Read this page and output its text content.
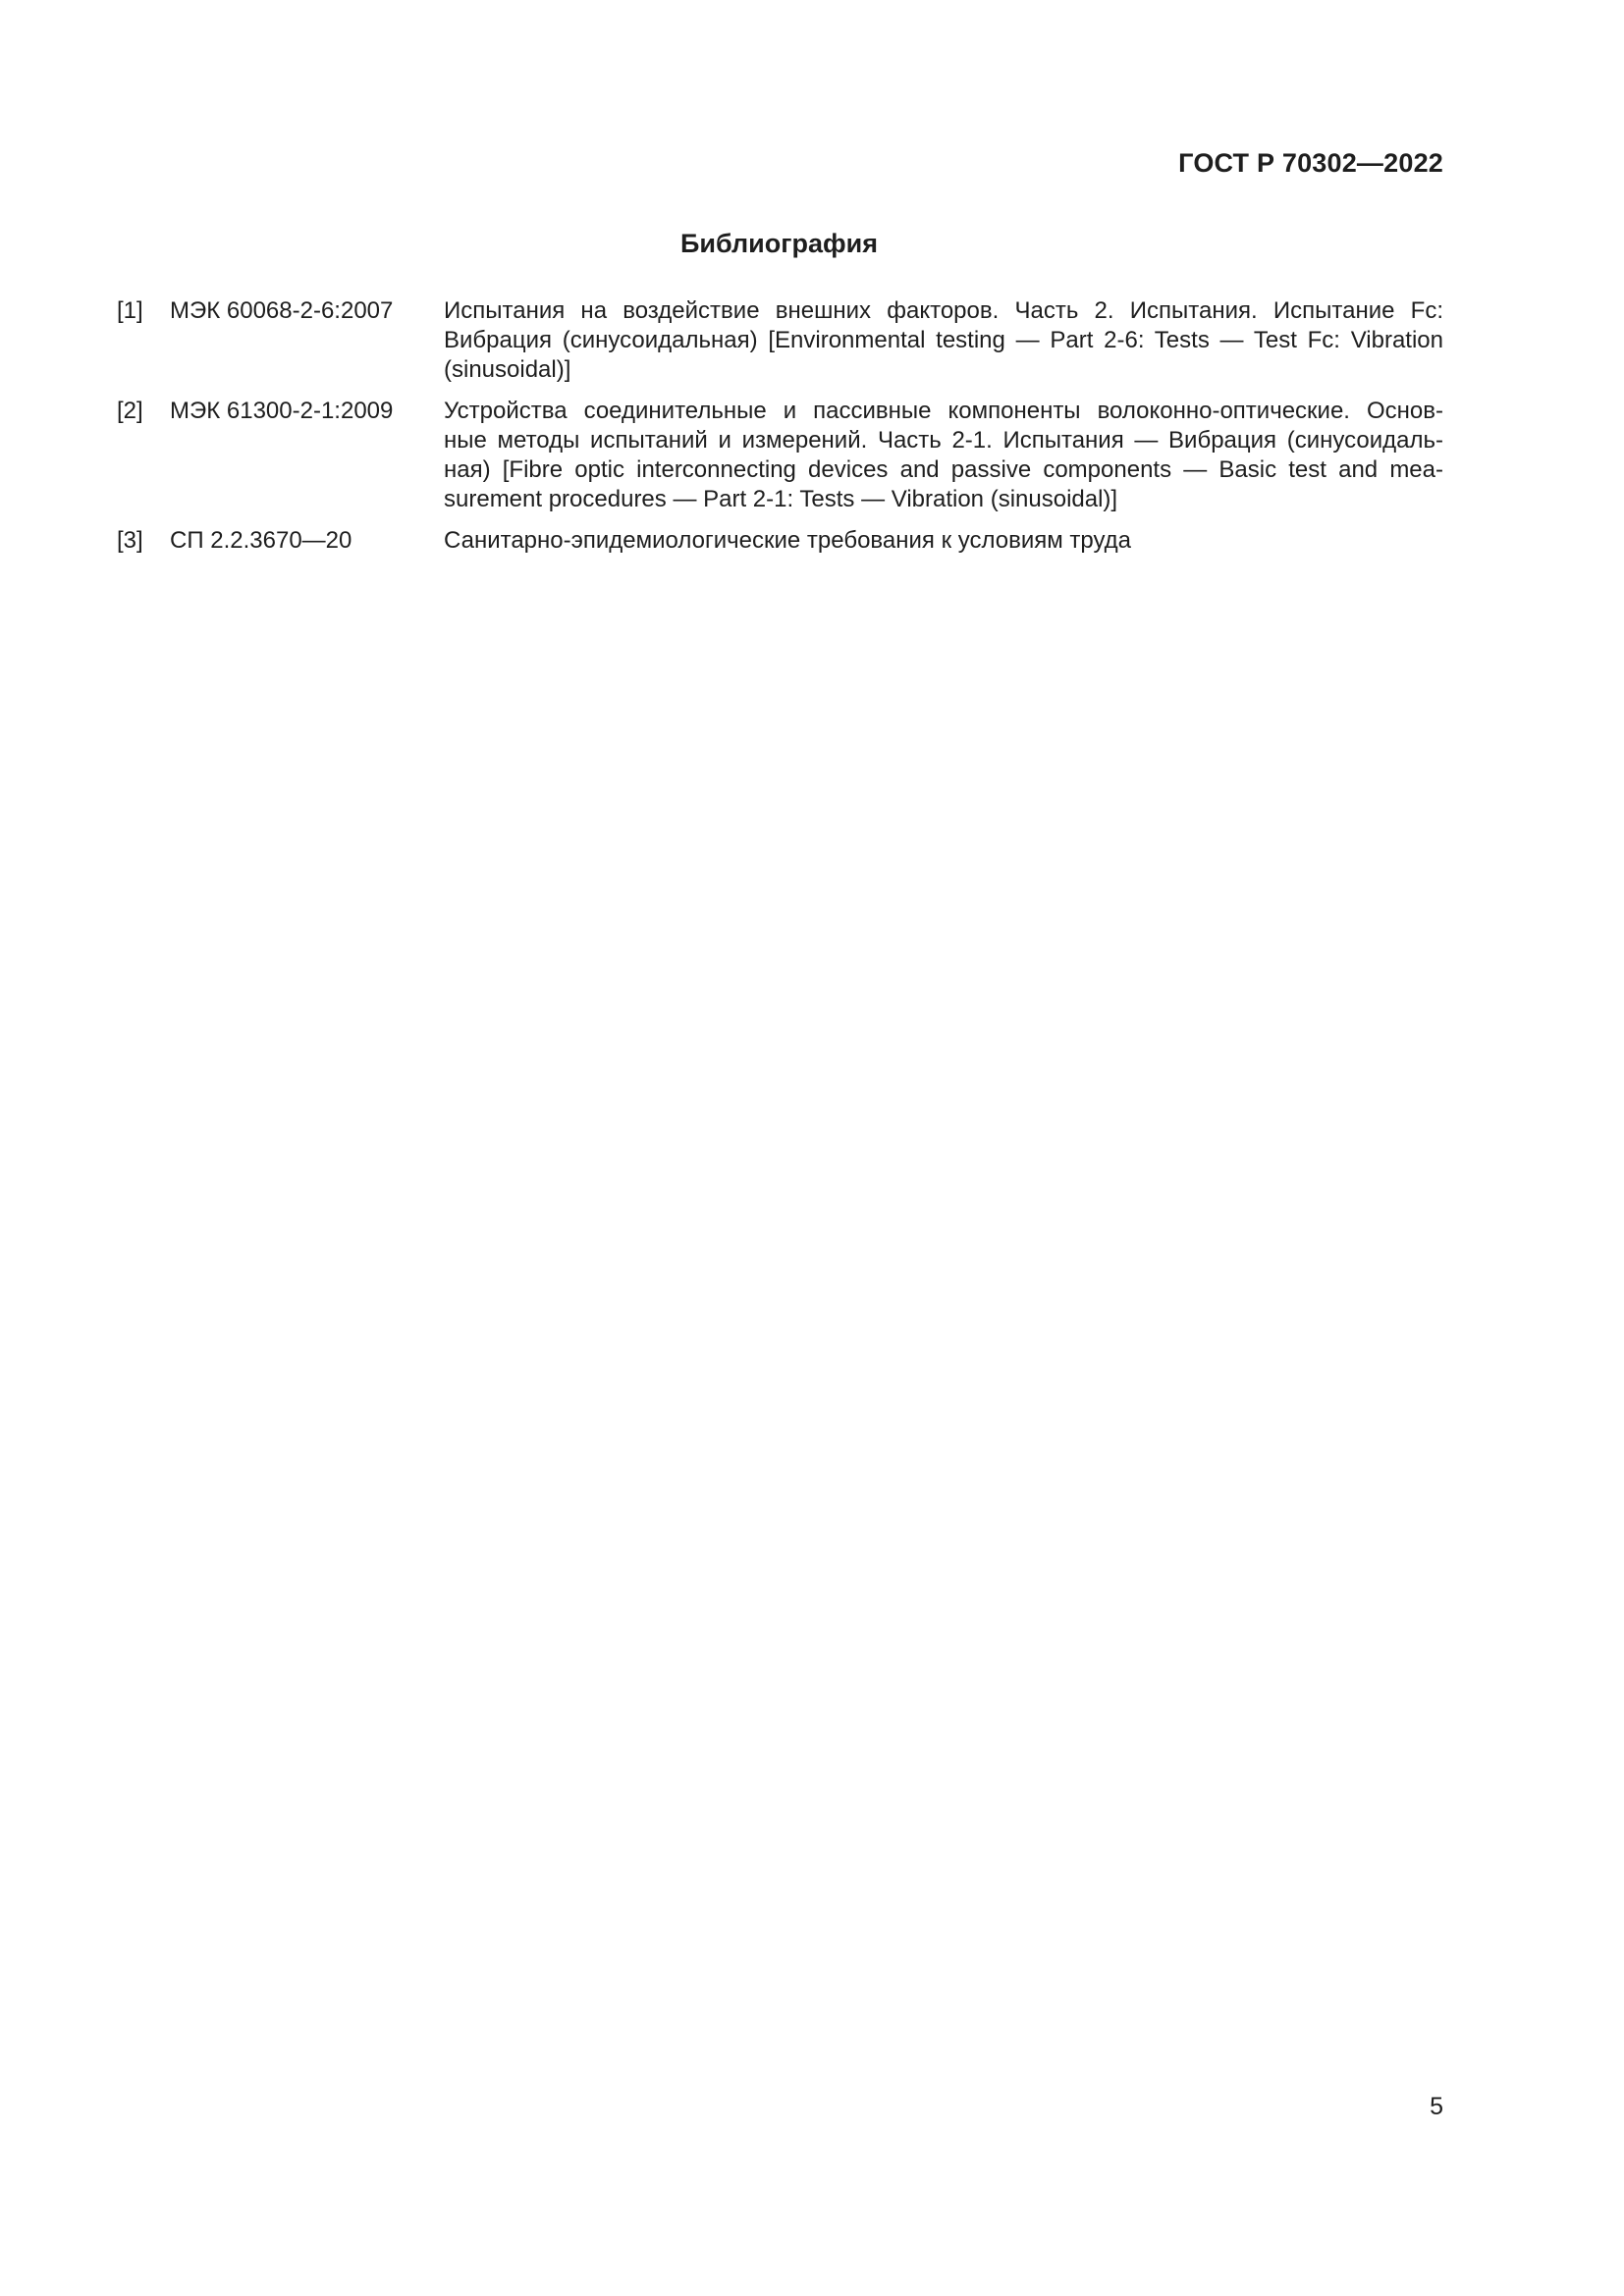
ГОСТ Р 70302—2022
Библиография
[1]	МЭК 60068-2-6:2007	Испытания на воздействие внешних факторов. Часть 2. Испытания. Испытание Fc:
Вибрация (синусоидальная) [Environmental testing — Part 2-6: Tests — Test Fc: Vibration
(sinusoidal)]
[2]	МЭК 61300-2-1:2009	Устройства соединительные и пассивные компоненты волоконно-оптические. Основ-
ные методы испытаний и измерений. Часть 2-1. Испытания — Вибрация (синусоидаль-
ная) [Fibre optic interconnecting devices and passive components — Basic test and mea-
surement procedures — Part 2-1: Tests — Vibration (sinusoidal)]
[3]	СП 2.2.3670—20	Санитарно-эпидемиологические требования к условиям труда
5
